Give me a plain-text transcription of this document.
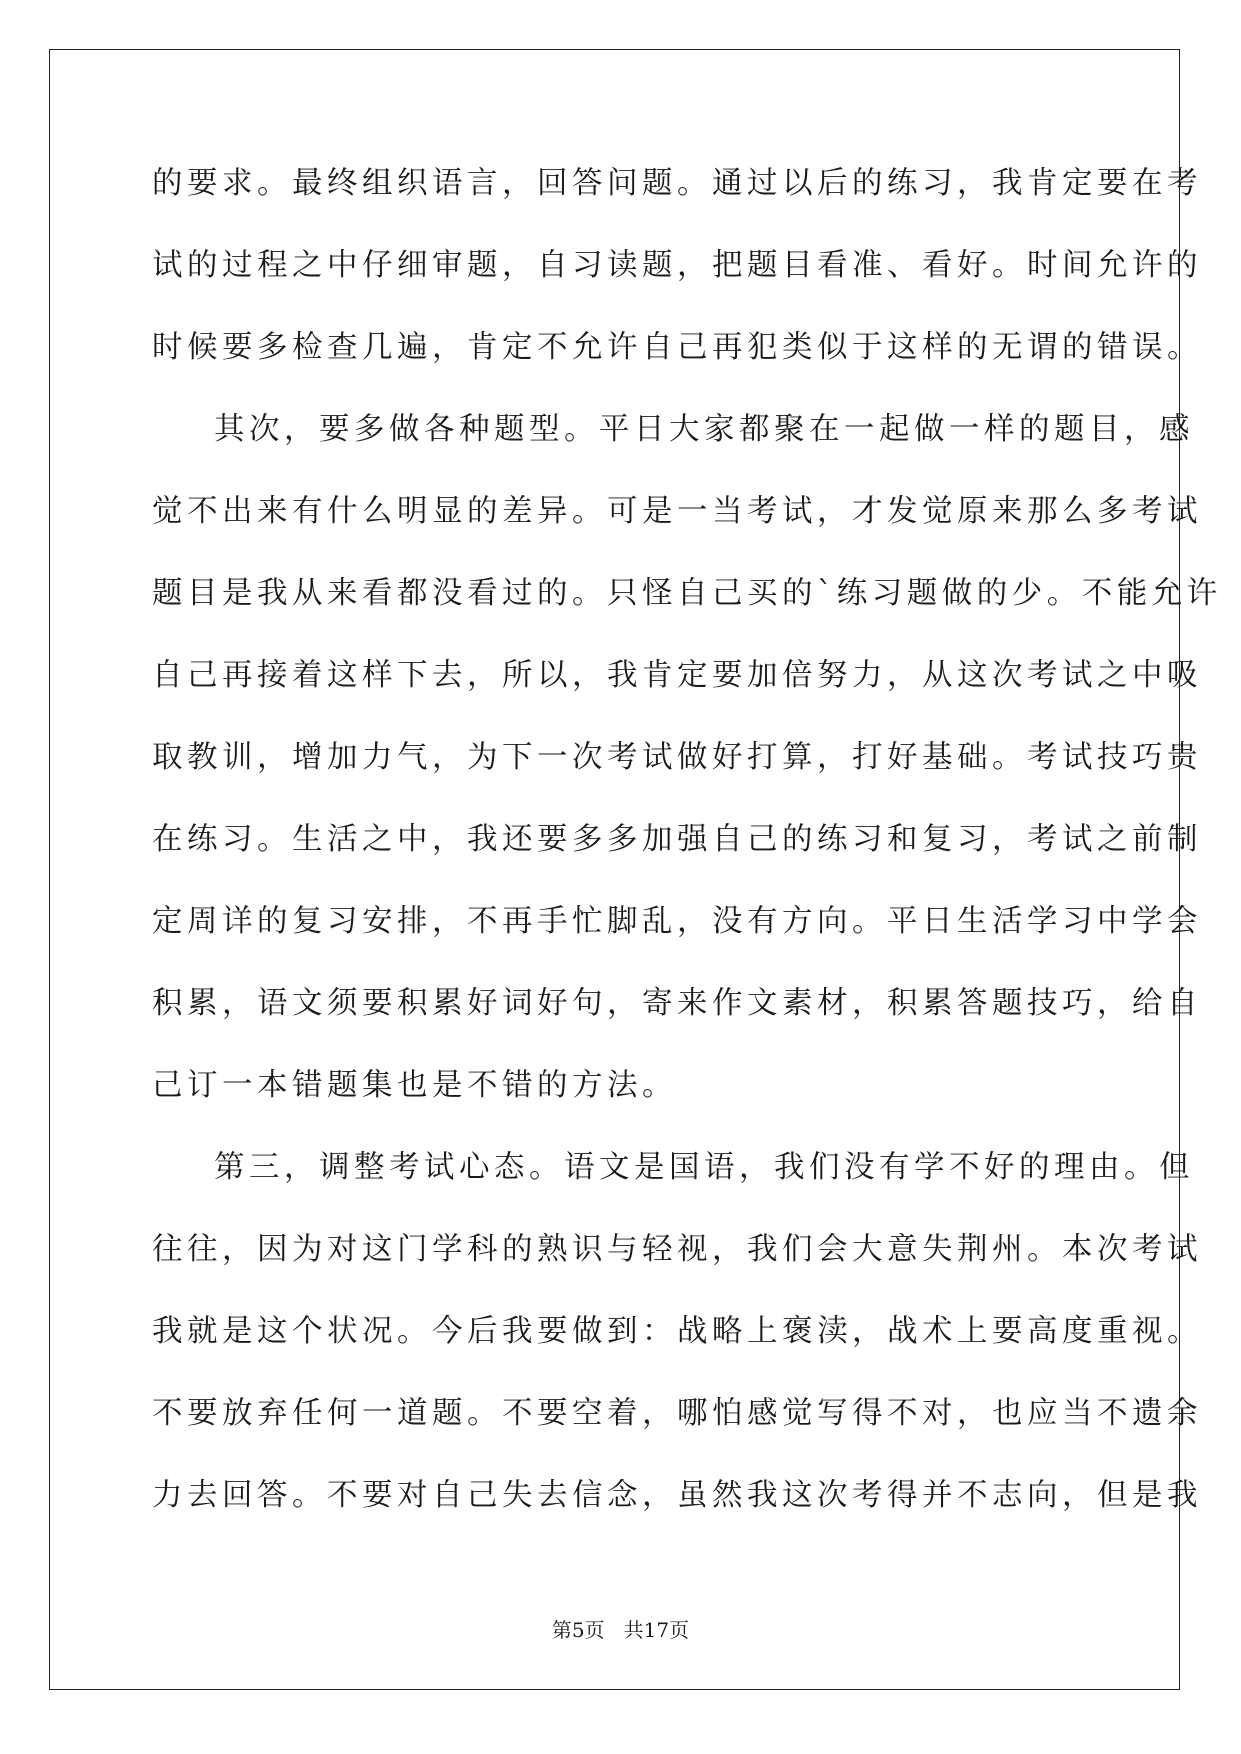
的要求。最终组织语言，回答问题。通过以后的练习，我肯定要在考
试的过程之中仔细审题，自习读题，把题目看准、看好。时间允许的
时候要多检查几遍，肯定不允许自己再犯类似于这样的无谓的错误。
其次，要多做各种题型。平日大家都聚在一起做一样的题目，感
觉不出来有什么明显的差异。可是一当考试，才发觉原来那么多考试
题目是我从来看都没看过的。只怪自己买的`练习题做的少。不能允许
自己再接着这样下去，所以，我肯定要加倍努力，从这次考试之中吸
取教训，增加力气，为下一次考试做好打算，打好基础。考试技巧贵
在练习。生活之中，我还要多多加强自己的练习和复习，考试之前制
定周详的复习安排，不再手忙脚乱，没有方向。平日生活学习中学会
积累，语文须要积累好词好句，寄来作文素材，积累答题技巧，给自
己订一本错题集也是不错的方法。
第三，调整考试心态。语文是国语，我们没有学不好的理由。但
往往，因为对这门学科的熟识与轻视，我们会大意失荆州。本次考试
我就是这个状况。今后我要做到：战略上褒渎，战术上要高度重视。
不要放弃任何一道题。不要空着，哪怕感觉写得不对，也应当不遗余
力去回答。不要对自己失去信念，虽然我这次考得并不志向，但是我
第5页   共17页
